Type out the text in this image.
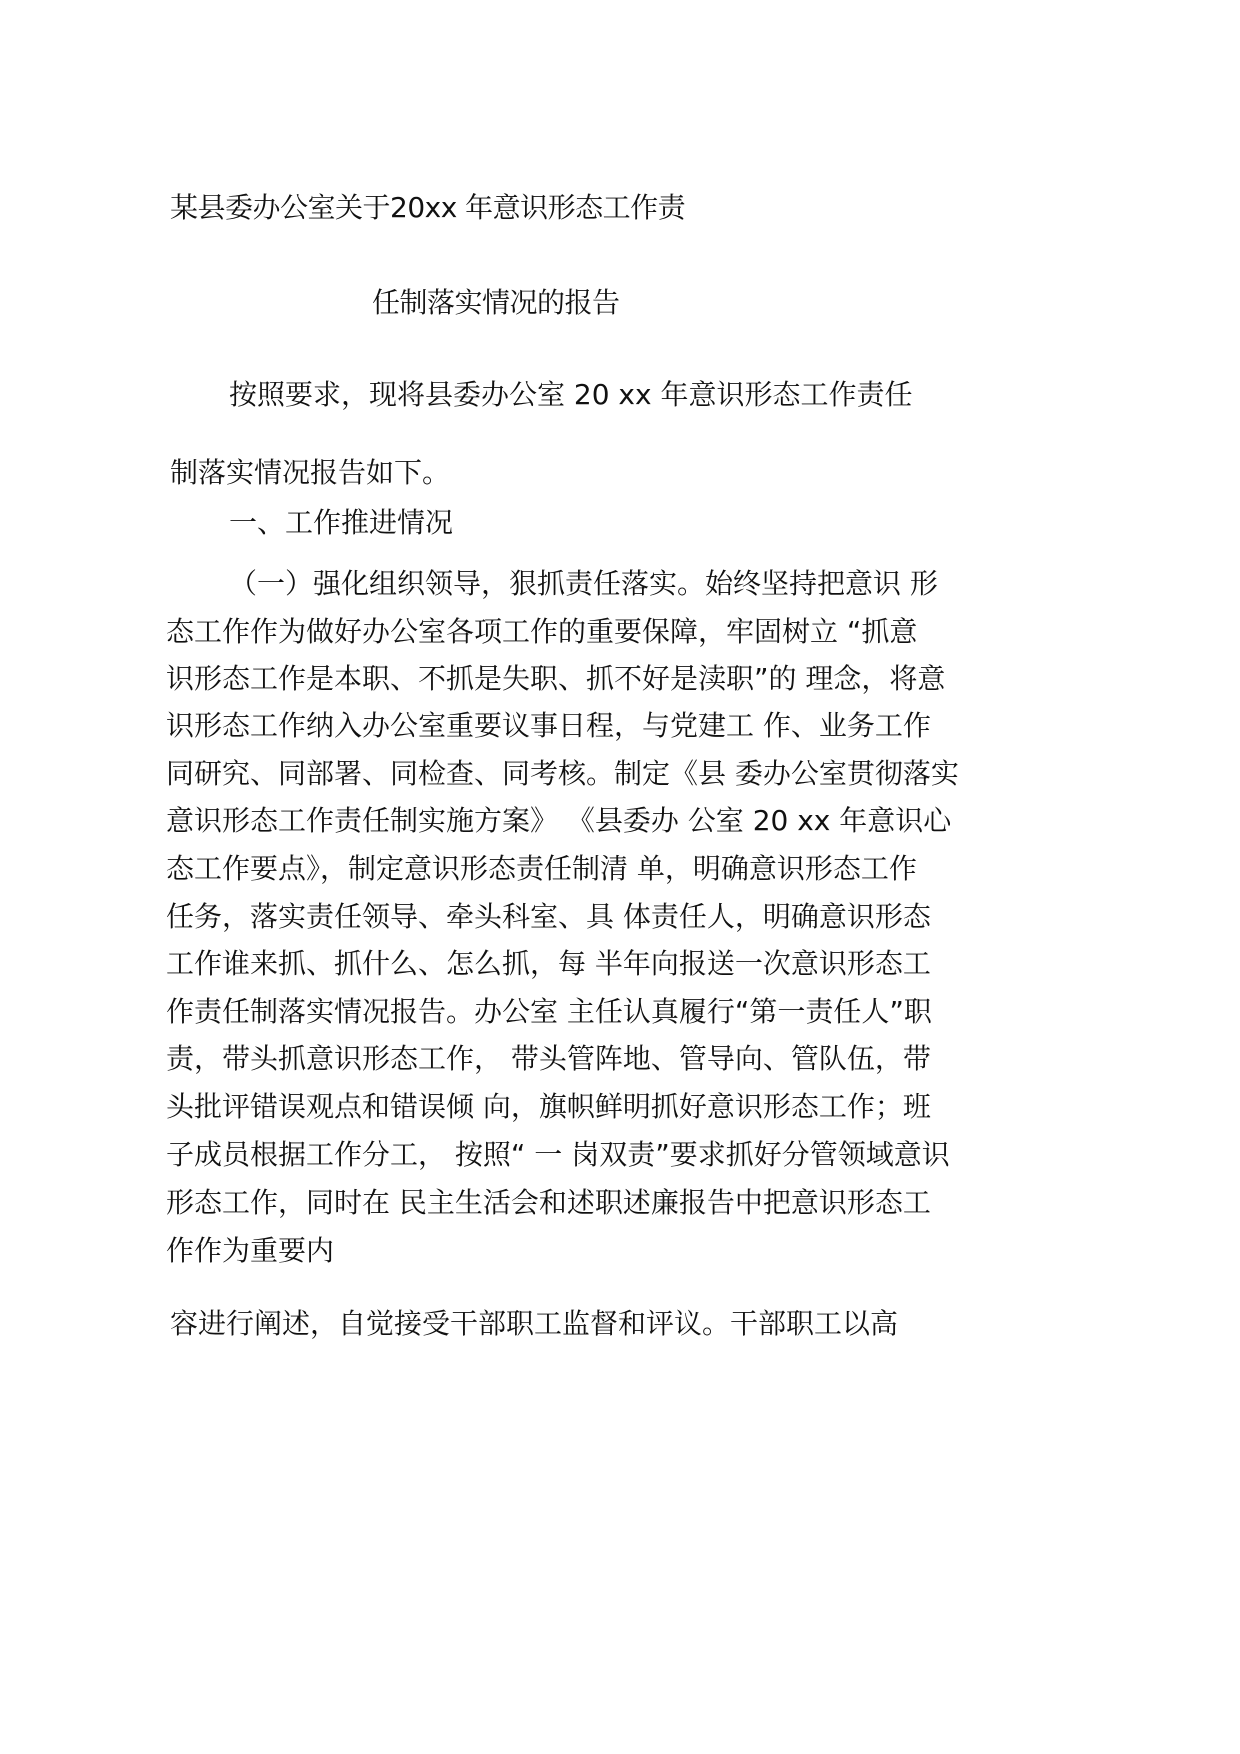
某县委办公室关于20xx 年意识形态工作责

任制落实情况的报告

按照要求，现将县委办公室 20 xx 年意识形态工作责任

制落实情况报告如下。

一、工作推进情况

（一）强化组织领导，狠抓责任落实。始终坚持把意识 形

态工作作为做好办公室各项工作的重要保障，牢固树立 “抓意

识形态工作是本职、不抓是失职、抓不好是渎职”的 理念，将意

识形态工作纳入办公室重要议事日程，与党建工 作、业务工作

同研究、同部署、同检查、同考核。制定《县 委办公室贯彻落实

意识形态工作责任制实施方案》 《县委办 公室 20 xx 年意识心

态工作要点》，制定意识形态责任制清 单，明确意识形态工作

任务，落实责任领导、牵头科室、具 体责任人，明确意识形态

工作谁来抓、抓什么、怎么抓，每 半年向报送一次意识形态工

作责任制落实情况报告。办公室 主任认真履行“第一责任人”职

责，带头抓意识形态工作， 带头管阵地、管导向、管队伍，带

头批评错误观点和错误倾 向，旗帜鲜明抓好意识形态工作；班

子成员根据工作分工， 按照“ 一 岗双责”要求抓好分管领域意识

形态工作，同时在 民主生活会和述职述廉报告中把意识形态工

作作为重要内

容进行阐述，自觉接受干部职工监督和评议。干部职工以高
